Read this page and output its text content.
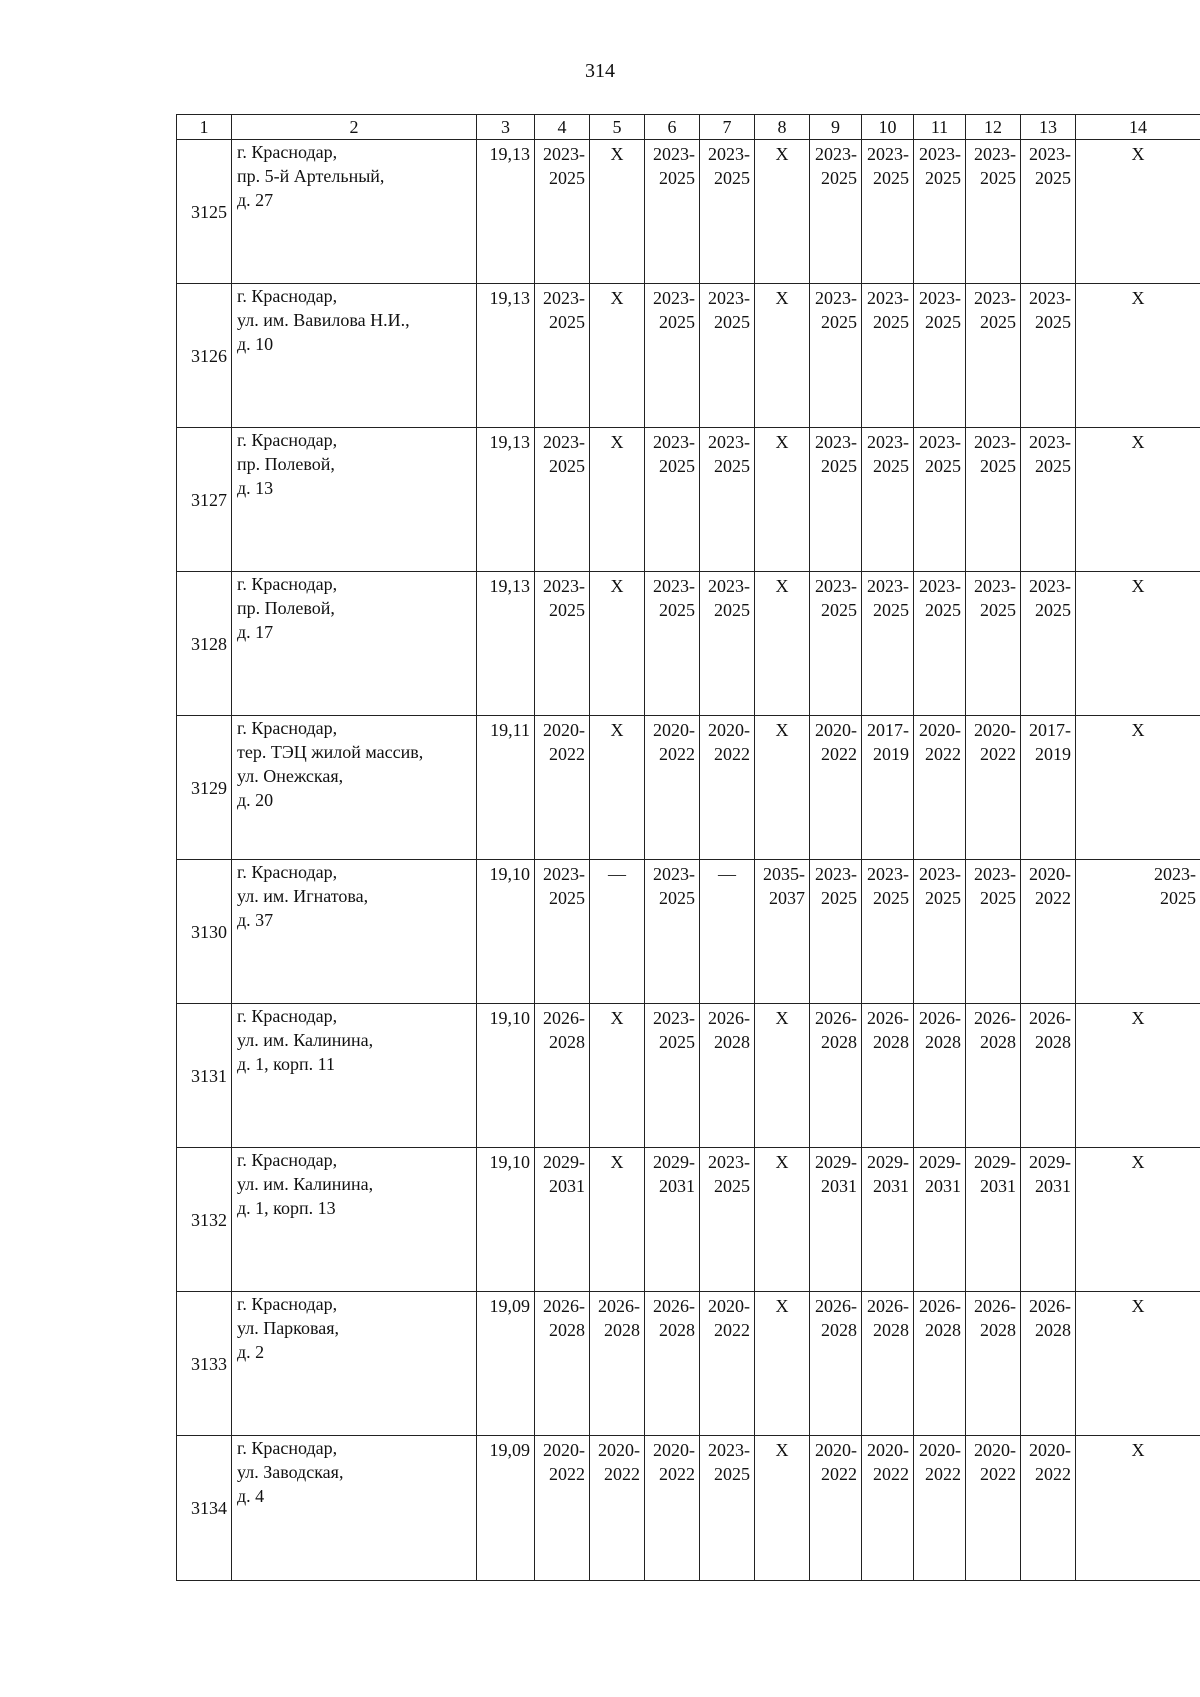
314
1	2	3	4	5	6	7	8	9	10	11	12	13	14
3125	г. Краснодар,
пр. 5-й Артельный,
д. 27	19,13	2023-
2025	Х	2023-
2025	2023-
2025	Х	2023-
2025	2023-
2025	2023-
2025	2023-
2025	2023-
2025	Х

3126	г. Краснодар,
ул. им. Вавилова Н.И.,
д. 10	19,13	2023-
2025	Х	2023-
2025	2023-
2025	Х	2023-
2025	2023-
2025	2023-
2025	2023-
2025	2023-
2025	Х

3127	г. Краснодар,
пр. Полевой,
д. 13	19,13	2023-
2025	Х	2023-
2025	2023-
2025	Х	2023-
2025	2023-
2025	2023-
2025	2023-
2025	2023-
2025	Х

3128	г. Краснодар,
пр. Полевой,
д. 17	19,13	2023-
2025	Х	2023-
2025	2023-
2025	Х	2023-
2025	2023-
2025	2023-
2025	2023-
2025	2023-
2025	Х

3129	г. Краснодар,
тер. ТЭЦ жилой массив,
ул. Онежская,
д. 20	19,11	2020-
2022	Х	2020-
2022	2020-
2022	Х	2020-
2022	2017-
2019	2020-
2022	2020-
2022	2017-
2019	Х

3130	г. Краснодар,
ул. им. Игнатова,
д. 37	19,10	2023-
2025	—	2023-
2025	—	2035-
2037	2023-
2025	2023-
2025	2023-
2025	2023-
2025	2020-
2022	2023-
2025

3131	г. Краснодар,
ул. им. Калинина,
д. 1, корп. 11	19,10	2026-
2028	Х	2023-
2025	2026-
2028	Х	2026-
2028	2026-
2028	2026-
2028	2026-
2028	2026-
2028	Х

3132	г. Краснодар,
ул. им. Калинина,
д. 1, корп. 13	19,10	2029-
2031	Х	2029-
2031	2023-
2025	Х	2029-
2031	2029-
2031	2029-
2031	2029-
2031	2029-
2031	Х

3133	г. Краснодар,
ул. Парковая,
д. 2	19,09	2026-
2028	2026-
2028	2026-
2028	2020-
2022	Х	2026-
2028	2026-
2028	2026-
2028	2026-
2028	2026-
2028	Х

3134	г. Краснодар,
ул. Заводская,
д. 4	19,09	2020-
2022	2020-
2022	2020-
2022	2023-
2025	Х	2020-
2022	2020-
2022	2020-
2022	2020-
2022	2020-
2022	Х
